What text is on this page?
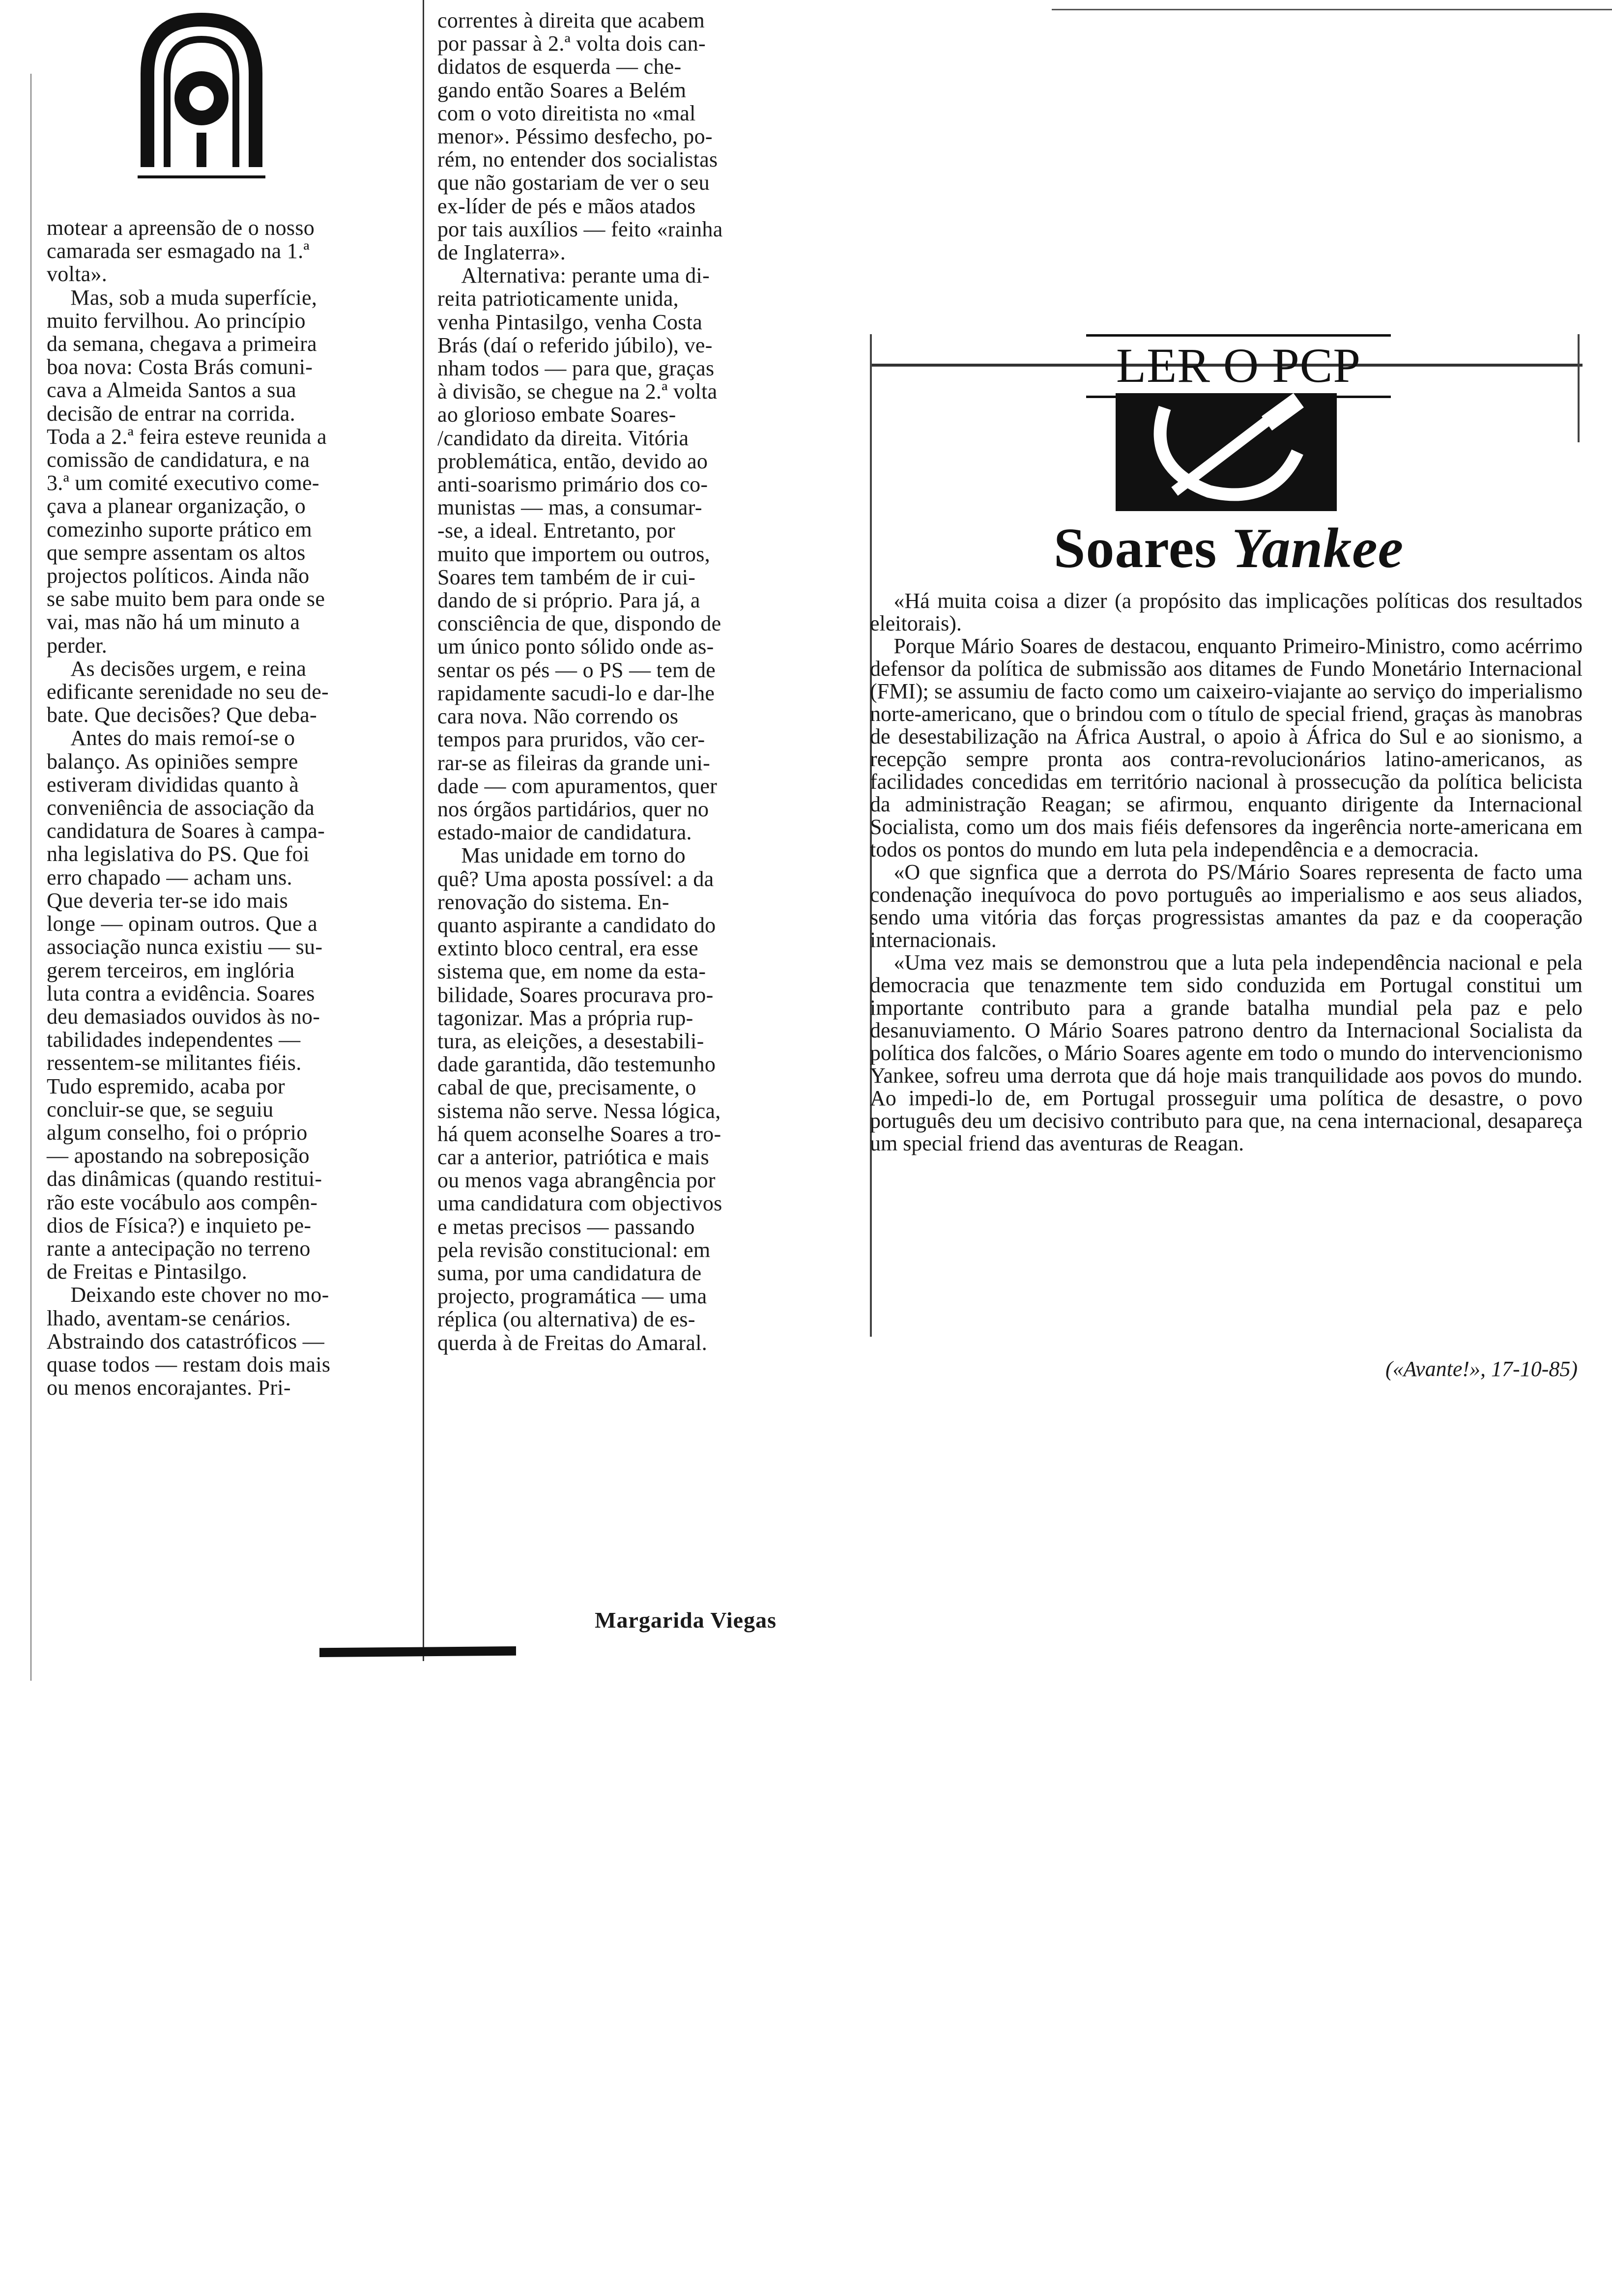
motear a apreensão de o nosso
camarada ser esmagado na 1.ª
volta».

Mas, sob a muda superfície,
muito fervilhou. Ao princípio
da semana, chegava a primeira
boa nova: Costa Brás comuni-
cava a Almeida Santos a sua
decisão de entrar na corrida.
Toda a 2.ª feira esteve reunida a
comissão de candidatura, e na
3.ª um comité executivo come-
çava a planear organização, o
comezinho suporte prático em
que sempre assentam os altos
projectos políticos. Ainda não
se sabe muito bem para onde se
vai, mas não há um minuto a
perder.

As decisões urgem, e reina
edificante serenidade no seu de-
bate. Que decisões? Que deba-

Antes do mais remoí-se o
balanço. As opiniões sempre
estiveram divididas quanto à
conveniência de associação da
candidatura de Soares à campa-
nha legislativa do PS. Que foi
erro chapado — acham uns.
Que deveria ter-se ido mais
longe — opinam outros. Que a
associação nunca existiu — su-
gerem terceiros, em inglória
luta contra a evidência. Soares
deu demasiados ouvidos às no-
tabilidades independentes —
ressentem-se militantes fiéis.
Tudo espremido, acaba por
concluir-se que, se seguiu
algum conselho, foi o próprio
— apostando na sobreposição
das dinâmicas (quando restitui-
rão este vocábulo aos compên-
dios de Física?) e inquieto pe-
rante a antecipação no terreno
de Freitas e Pintasilgo.

Deixando este chover no mo-
lhado, aventam-se cenários.
Abstraindo dos catastróficos —
quase todos — restam dois mais
ou menos encorajantes. Pri-

correntes à direita que acabem
por passar à 2.ª volta dois can-
didatos de esquerda — che-
gando então Soares a Belém
com o voto direitista no «mal
menor». Péssimo desfecho, po-
rém, no entender dos socialistas
que não gostariam de ver o seu
ex-líder de pés e mãos atados
por tais auxílios — feito «rainha
de Inglaterra».

Alternativa: perante uma di-
reita patrioticamente unida,
venha Pintasilgo, venha Costa
Brás (daí o referido júbilo), ve-
nham todos — para que, graças
à divisão, se chegue na 2.ª volta
ao glorioso embate Soares-
/candidato da direita. Vitória
problemática, então, devido ao
anti-soarismo primário dos co-
munistas — mas, a consumar-
-se, a ideal. Entretanto, por
muito que importem ou outros,
Soares tem também de ir cui-
dando de si próprio. Para já, a
consciência de que, dispondo de
um único ponto sólido onde as-
sentar os pés — o PS — tem de
rapidamente sacudi-lo e dar-lhe
cara nova. Não correndo os
tempos para pruridos, vão cer-
rar-se as fileiras da grande uni-
dade — com apuramentos, quer
nos órgãos partidários, quer no
estado-maior de candidatura.

Mas unidade em torno do
quê? Uma aposta possível: a da
renovação do sistema. En-
quanto aspirante a candidato do
extinto bloco central, era esse
sistema que, em nome da esta-
bilidade, Soares procurava pro-
tagonizar. Mas a própria rup-
tura, as eleições, a desestabili-
dade garantida, dão testemunho
cabal de que, precisamente, o
sistema não serve. Nessa lógica,
há quem aconselhe Soares a tro-
car a anterior, patriótica e mais
ou menos vaga abrangência por
uma candidatura com objectivos
e metas precisos — passando
pela revisão constitucional: em
suma, por uma candidatura de
projecto, programática — uma
réplica (ou alternativa) de es-
querda à de Freitas do Amaral.

Margarida Viegas
LER O PCP
Soares Yankee

«Há muita coisa a dizer (a propósito das implicações políticas dos resultados eleitorais).

Porque Mário Soares de destacou, enquanto Primeiro-Ministro, como acérrimo defensor da política de submissão aos ditames de Fundo Monetário Internacional (FMI); se assumiu de facto como um caixeiro-viajante ao serviço do imperialismo norte-americano, que o brindou com o título de special friend, graças às manobras de desestabilização na África Austral, o apoio à África do Sul e ao sionismo, a recepção sempre pronta aos contra-revolucionários latino-americanos, as facilidades concedidas em território nacional à prossecução da política belicista da administração Reagan; se afirmou, enquanto dirigente da Internacional Socialista, como um dos mais fiéis defensores da ingerência norte-americana em todos os pontos do mundo em luta pela independência e a democracia.

«O que signfica que a derrota do PS/Mário Soares representa de facto uma condenação inequívoca do povo português ao imperialismo e aos seus aliados, sendo uma vitória das forças progressistas amantes da paz e da cooperação internacionais.

«Uma vez mais se demonstrou que a luta pela independência nacional e pela democracia que tenazmente tem sido conduzida em Portugal constitui um importante contributo para a grande batalha mundial pela paz e pelo desanuviamento. O Mário Soares patrono dentro da Internacional Socialista da política dos falcões, o Mário Soares agente em todo o mundo do intervencionismo Yankee, sofreu uma derrota que dá hoje mais tranquilidade aos povos do mundo. Ao impedi-lo de, em Portugal prosseguir uma política de desastre, o povo português deu um decisivo contributo para que, na cena internacional, desapareça um special friend das aventuras de Reagan.

(«Avante!», 17-10-85)
